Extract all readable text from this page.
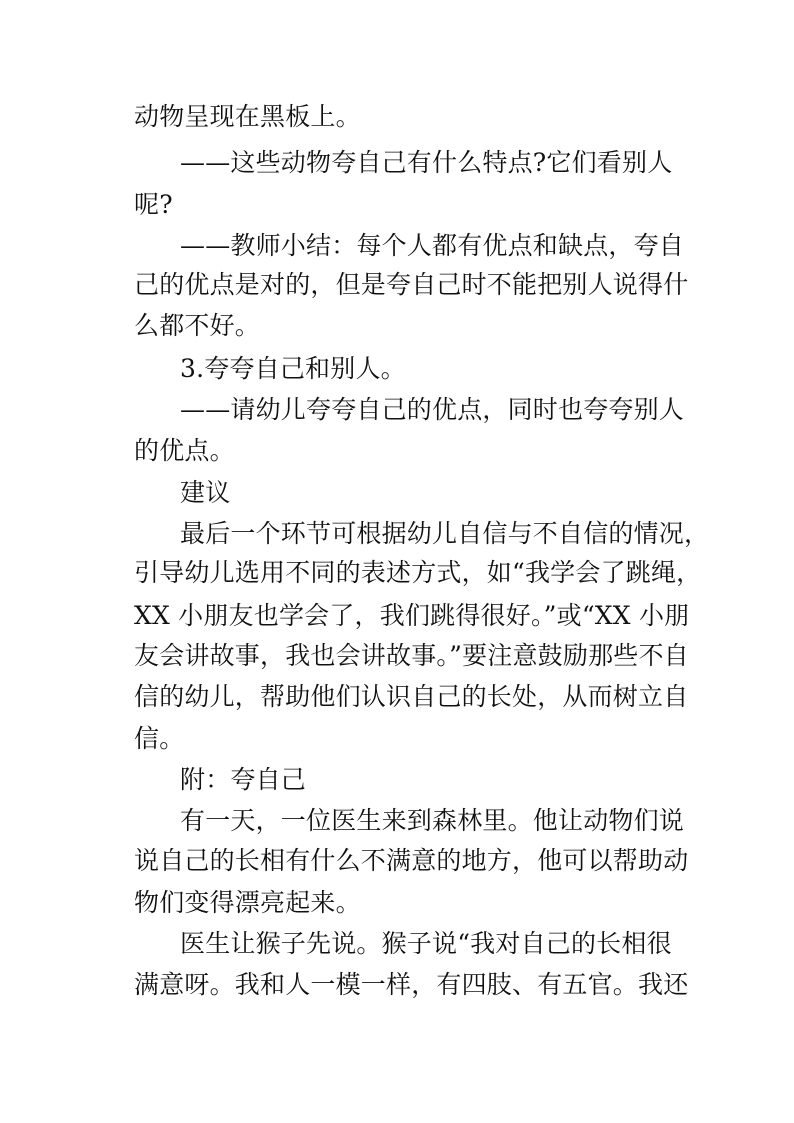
动物呈现在黑板上。
——这些动物夸自己有什么特点?它们看别人
呢?
——教师小结：每个人都有优点和缺点，夸自
己的优点是对的，但是夸自己时不能把别人说得什
么都不好。
3.夸夸自己和别人。
——请幼儿夸夸自己的优点，同时也夸夸别人
的优点。
建议
最后一个环节可根据幼儿自信与不自信的情况，
引导幼儿选用不同的表述方式，如“我学会了跳绳，
XX 小朋友也学会了，我们跳得很好。”或“XX 小朋
友会讲故事，我也会讲故事。”要注意鼓励那些不自
信的幼儿，帮助他们认识自己的长处，从而树立自
信。
附：夸自己
有一天，一位医生来到森林里。他让动物们说
说自己的长相有什么不满意的地方，他可以帮助动
物们变得漂亮起来。
医生让猴子先说。猴子说“我对自己的长相很
满意呀。我和人一模一样，有四肢、有五官。我还
